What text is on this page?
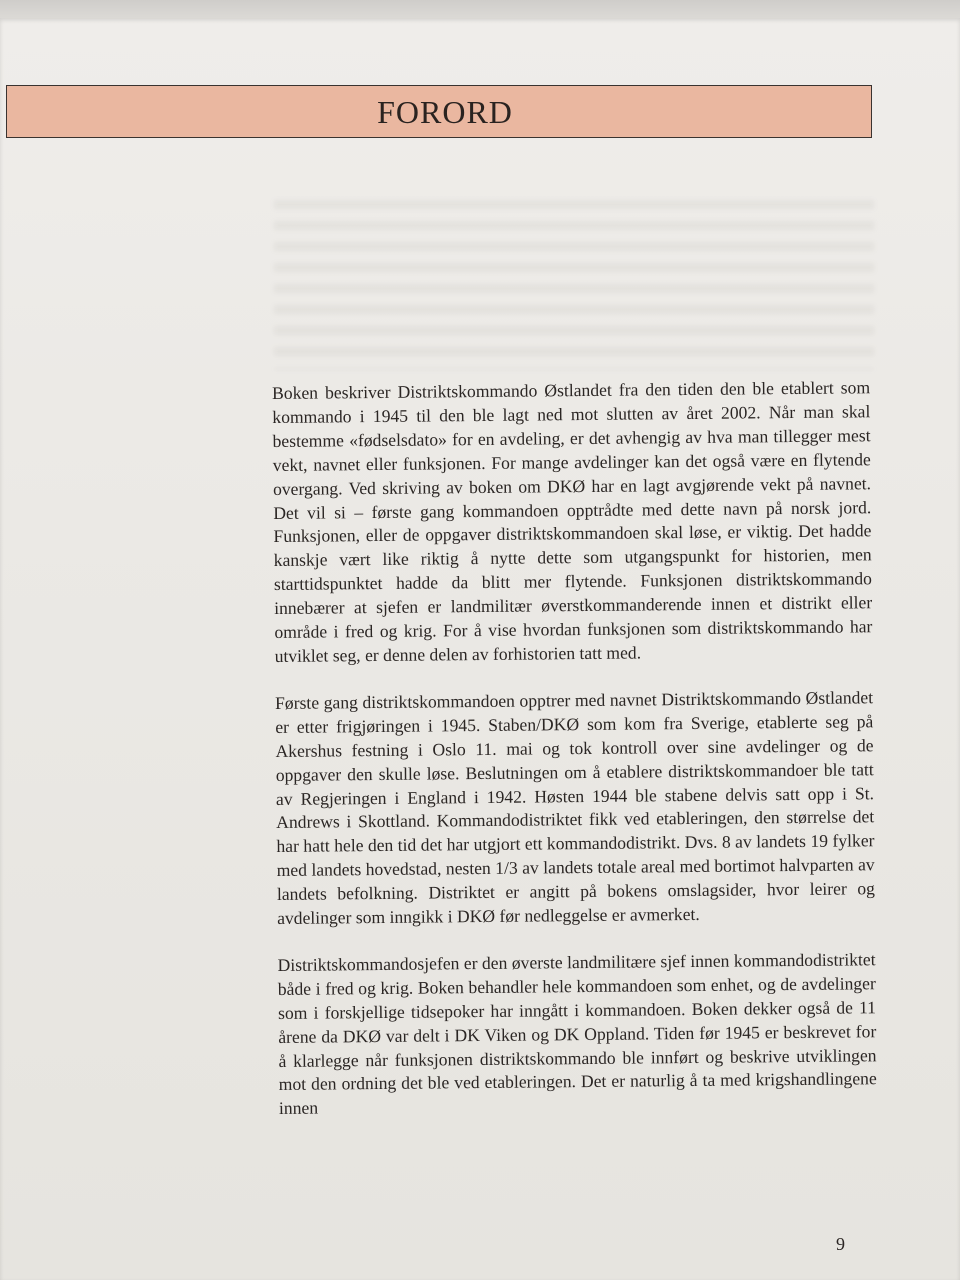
FORORD

Boken beskriver Distriktskommando Østlandet fra den tiden den ble etablert som kommando i 1945 til den ble lagt ned mot slutten av året 2002. Når man skal bestemme «fødselsdato» for en avdeling, er det avhengig av hva man tillegger mest vekt, navnet eller funksjonen. For mange avdelinger kan det også være en flytende overgang. Ved skriving av boken om DKØ har en lagt avgjørende vekt på navnet. Det vil si – første gang kommandoen opptrådte med dette navn på norsk jord. Funksjonen, eller de oppgaver distriktskommandoen skal løse, er viktig. Det hadde kanskje vært like riktig å nytte dette som utgangspunkt for historien, men starttidspunktet hadde da blitt mer flytende. Funksjonen distriktskommando innebærer at sjefen er landmilitær øverstkommanderende innen et distrikt eller område i fred og krig. For å vise hvordan funksjonen som distriktskommando har utviklet seg, er denne delen av forhistorien tatt med.

Første gang distriktskommandoen opptrer med navnet Distriktskommando Østlandet er etter frigjøringen i 1945. Staben/DKØ som kom fra Sverige, etablerte seg på Akershus festning i Oslo 11. mai og tok kontroll over sine avdelinger og de oppgaver den skulle løse. Beslutningen om å etablere distriktskommandoer ble tatt av Regjeringen i England i 1942. Høsten 1944 ble stabene delvis satt opp i St. Andrews i Skottland. Kommandodistriktet fikk ved etableringen, den størrelse det har hatt hele den tid det har utgjort ett kommandodistrikt. Dvs. 8 av landets 19 fylker med landets hovedstad, nesten 1/3 av landets totale areal med bortimot halvparten av landets befolkning. Distriktet er angitt på bokens omslagsider, hvor leirer og avdelinger som inngikk i DKØ før nedleggelse er avmerket.

Distriktskommandosjefen er den øverste landmilitære sjef innen kommandodistriktet både i fred og krig. Boken behandler hele kommandoen som enhet, og de avdelinger som i forskjellige tidsepoker har inngått i kommandoen. Boken dekker også de 11 årene da DKØ var delt i DK Viken og DK Oppland. Tiden før 1945 er beskrevet for å klarlegge når funksjonen distriktskommando ble innført og beskrive utviklingen mot den ordning det ble ved etableringen. Det er naturlig å ta med krigshandlingene innen

9
